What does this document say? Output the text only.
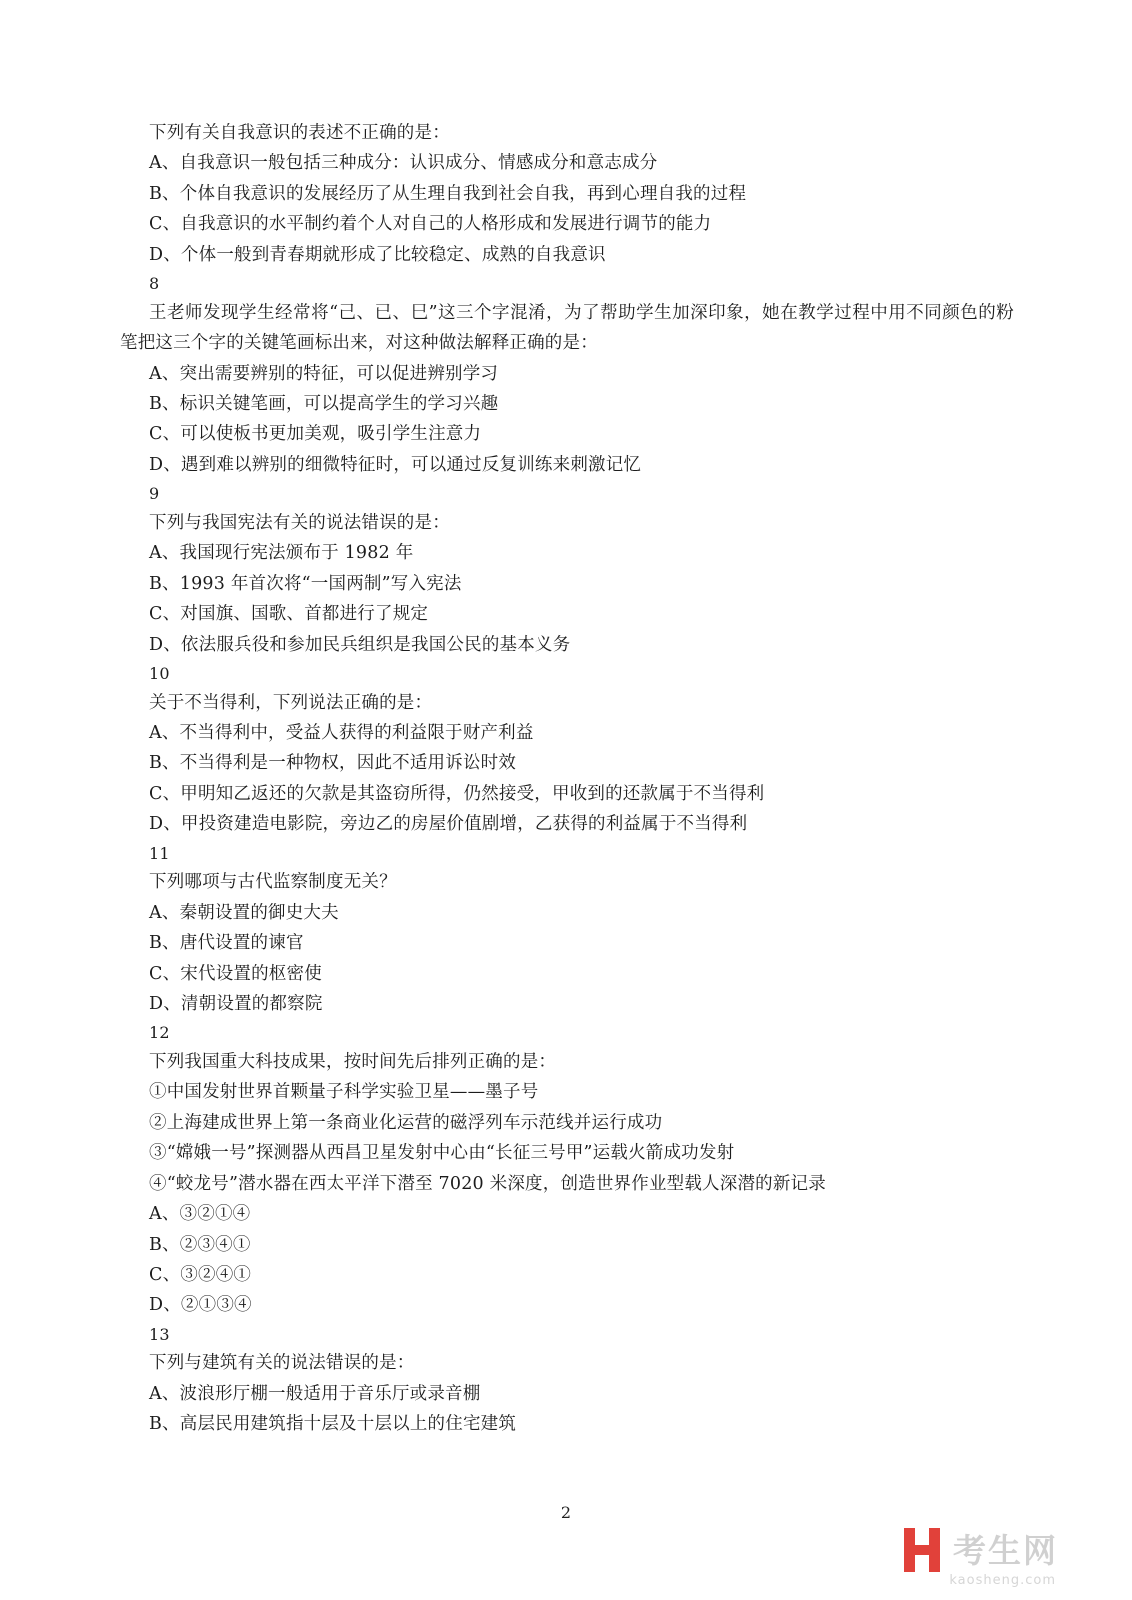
下列有关自我意识的表述不正确的是：

A、自我意识一般包括三种成分：认识成分、情感成分和意志成分

B、个体自我意识的发展经历了从生理自我到社会自我，再到心理自我的过程

C、自我意识的水平制约着个人对自己的人格形成和发展进行调节的能力

D、个体一般到青春期就形成了比较稳定、成熟的自我意识

8

王老师发现学生经常将“己、已、巳”这三个字混淆，为了帮助学生加深印象，她在教学过程中用不同颜色的粉笔把这三个字的关键笔画标出来，对这种做法解释正确的是：

A、突出需要辨别的特征，可以促进辨别学习

B、标识关键笔画，可以提高学生的学习兴趣

C、可以使板书更加美观，吸引学生注意力

D、遇到难以辨别的细微特征时，可以通过反复训练来刺激记忆

9

下列与我国宪法有关的说法错误的是：

A、我国现行宪法颁布于 1982 年

B、1993 年首次将“一国两制”写入宪法

C、对国旗、国歌、首都进行了规定

D、依法服兵役和参加民兵组织是我国公民的基本义务

10

关于不当得利，下列说法正确的是：

A、不当得利中，受益人获得的利益限于财产利益

B、不当得利是一种物权，因此不适用诉讼时效

C、甲明知乙返还的欠款是其盗窃所得，仍然接受，甲收到的还款属于不当得利

D、甲投资建造电影院，旁边乙的房屋价值剧增，乙获得的利益属于不当得利

11

下列哪项与古代监察制度无关？

A、秦朝设置的御史大夫

B、唐代设置的谏官

C、宋代设置的枢密使

D、清朝设置的都察院

12

下列我国重大科技成果，按时间先后排列正确的是：

①中国发射世界首颗量子科学实验卫星——墨子号

②上海建成世界上第一条商业化运营的磁浮列车示范线并运行成功

③“嫦娥一号”探测器从西昌卫星发射中心由“长征三号甲”运载火箭成功发射

④“蛟龙号”潜水器在西太平洋下潜至 7020 米深度，创造世界作业型载人深潜的新记录

A、③②①④

B、②③④①

C、③②④①

D、②①③④

13

下列与建筑有关的说法错误的是：

A、波浪形厅棚一般适用于音乐厅或录音棚

B、高层民用建筑指十层及十层以上的住宅建筑

2
考生网
kaosheng.com
